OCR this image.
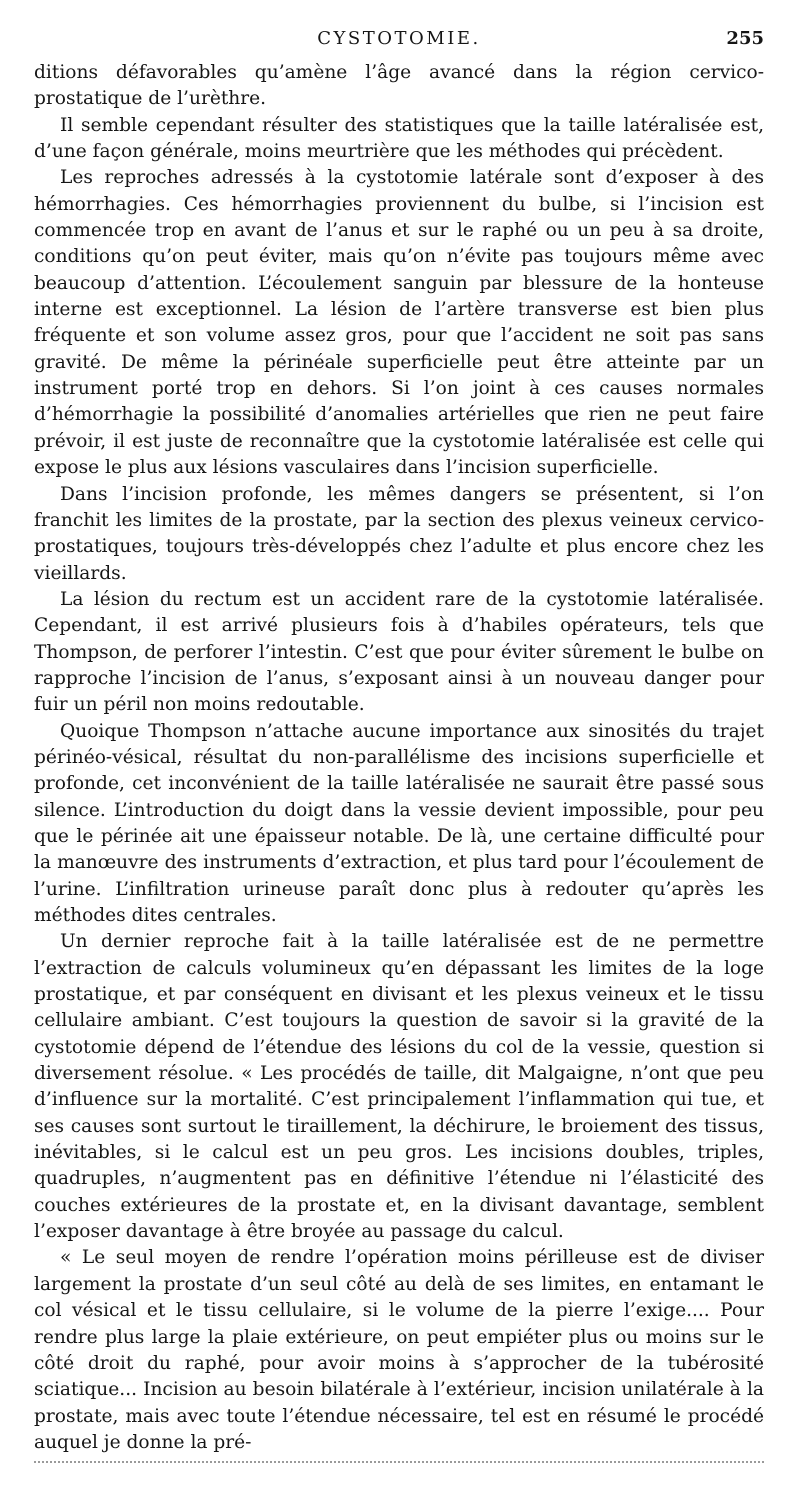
CYSTOTOMIE.	255

ditions défavorables qu’amène l’âge avancé dans la région cervico-prostatique de l’urèthre.

Il semble cependant résulter des statistiques que la taille latéralisée est, d’une façon générale, moins meurtrière que les méthodes qui précèdent.

Les reproches adressés à la cystotomie latérale sont d’exposer à des hémorrhagies. Ces hémorrhagies proviennent du bulbe, si l’incision est commencée trop en avant de l’anus et sur le raphé ou un peu à sa droite, conditions qu’on peut éviter, mais qu’on n’évite pas toujours même avec beaucoup d’attention. L’écoulement sanguin par blessure de la honteuse interne est exceptionnel. La lésion de l’artère transverse est bien plus fréquente et son volume assez gros, pour que l’accident ne soit pas sans gravité. De même la périnéale superficielle peut être atteinte par un instrument porté trop en dehors. Si l’on joint à ces causes normales d’hémorrhagie la possibilité d’anomalies artérielles que rien ne peut faire prévoir, il est juste de reconnaître que la cystotomie latéralisée est celle qui expose le plus aux lésions vasculaires dans l’incision superficielle.

Dans l’incision profonde, les mêmes dangers se présentent, si l’on franchit les limites de la prostate, par la section des plexus veineux cervico-prostatiques, toujours très-développés chez l’adulte et plus encore chez les vieillards.

La lésion du rectum est un accident rare de la cystotomie latéralisée. Cependant, il est arrivé plusieurs fois à d’habiles opérateurs, tels que Thompson, de perforer l’intestin. C’est que pour éviter sûrement le bulbe on rapproche l’incision de l’anus, s’exposant ainsi à un nouveau danger pour fuir un péril non moins redoutable.

Quoique Thompson n’attache aucune importance aux sinosités du trajet périnéo-vésical, résultat du non-parallélisme des incisions superficielle et profonde, cet inconvénient de la taille latéralisée ne saurait être passé sous silence. L’introduction du doigt dans la vessie devient impossible, pour peu que le périnée ait une épaisseur notable. De là, une certaine difficulté pour la manœuvre des instruments d’extraction, et plus tard pour l’écoulement de l’urine. L’infiltration urineuse paraît donc plus à redouter qu’après les méthodes dites centrales.

Un dernier reproche fait à la taille latéralisée est de ne permettre l’extraction de calculs volumineux qu’en dépassant les limites de la loge prostatique, et par conséquent en divisant et les plexus veineux et le tissu cellulaire ambiant. C’est toujours la question de savoir si la gravité de la cystotomie dépend de l’étendue des lésions du col de la vessie, question si diversement résolue. « Les procédés de taille, dit Malgaigne, n’ont que peu d’influence sur la mortalité. C’est principalement l’inflammation qui tue, et ses causes sont surtout le tiraillement, la déchirure, le broiement des tissus, inévitables, si le calcul est un peu gros. Les incisions doubles, triples, quadruples, n’augmentent pas en définitive l’étendue ni l’élasticité des couches extérieures de la prostate et, en la divisant davantage, semblent l’exposer davantage à être broyée au passage du calcul.

« Le seul moyen de rendre l’opération moins périlleuse est de diviser largement la prostate d’un seul côté au delà de ses limites, en entamant le col vésical et le tissu cellulaire, si le volume de la pierre l’exige.... Pour rendre plus large la plaie extérieure, on peut empiéter plus ou moins sur le côté droit du raphé, pour avoir moins à s’approcher de la tubérosité sciatique... Incision au besoin bilatérale à l’extérieur, incision unilatérale à la prostate, mais avec toute l’étendue nécessaire, tel est en résumé le procédé auquel je donne la pré-
